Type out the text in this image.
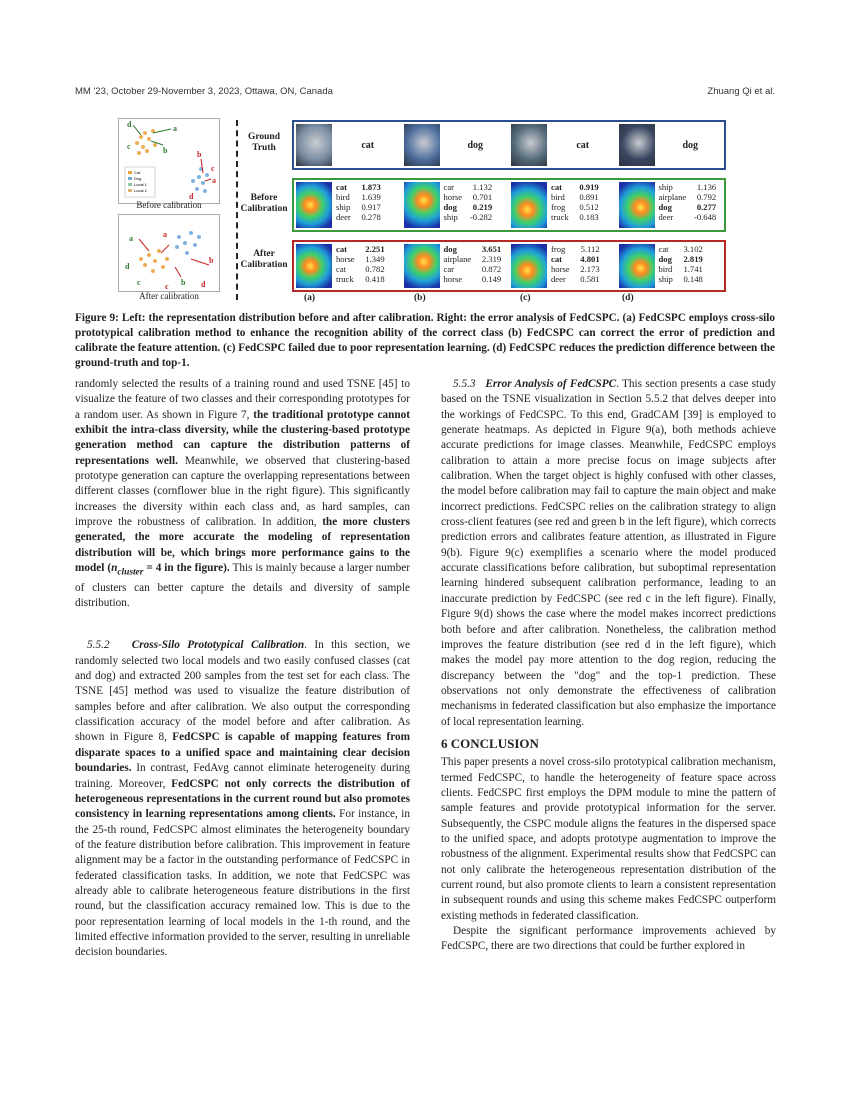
MM '23, October 29-November 3, 2023, Ottawa, ON, Canada	Zhuang Qi et al.
Cat
Dog
Local 1
Local 2
d	a
c	b	b
c
a
d
Before calibration
a
d
c
a
c
b
b d
After calibration
Ground Truth
Before Calibration
After Calibration
cat	dog	cat	dog
cat	1.873
bird	1.639
ship	0.917
deer	0.278
car	1.132
horse	0.701
dog	0.219
ship	-0.282
cat	0.919
bird	0.891
frog	0.512
truck	0.183
ship	1.136
airplane	0.792
dog	0.277
deer	-0.648
cat	2.251
horse	1.349
cat	0.782
truck	0.418
dog	3.651
airplane	2.319
car	0.872
horse	0.149
frog	5.112
cat	4.801
horse	2.173
deer	0.581
cat	3.102
dog	2.819
bird	1.741
ship	0.148
(a)	(b)	(c)	(d)
Figure 9: Left: the representation distribution before and after calibration. Right: the error analysis of FedCSPC. (a) FedCSPC employs cross-silo prototypical calibration method to enhance the recognition ability of the correct class (b) FedCSPC can correct the error of prediction and calibrate the feature attention. (c) FedCSPC failed due to poor representation learning. (d) FedCSPC reduces the prediction difference between the ground-truth and top-1.

randomly selected the results of a training round and used TSNE [45] to visualize the feature of two classes and their corresponding prototypes for a random user. As shown in Figure 7, the traditional prototype cannot exhibit the intra-class diversity, while the clustering-based prototype generation method can capture the distribution patterns of representations well. Meanwhile, we observed that clustering-based prototype generation can capture the overlapping representations between different classes (cornflower blue in the right figure). This significantly increases the diversity within each class and, as hard samples, can improve the robustness of calibration. In addition, the more clusters generated, the more accurate the modeling of representation distribution will be, which brings more performance gains to the model ($n_{cluster} = 4$ in the figure). This is mainly because a larger number of clusters can better capture the details and diversity of sample distribution.

5.5.2 Cross-Silo Prototypical Calibration. In this section, we randomly selected two local models and two easily confused classes (cat and dog) and extracted 200 samples from the test set for each class. The TSNE [45] method was used to visualize the feature distribution of samples before and after calibration. We also output the corresponding classification accuracy of the model before and after calibration. As shown in Figure 8, FedCSPC is capable of mapping features from disparate spaces to a unified space and maintaining clear decision boundaries. In contrast, FedAvg cannot eliminate heterogeneity during training. Moreover, FedCSPC not only corrects the distribution of heterogeneous representations in the current round but also promotes consistency in learning representations among clients. For instance, in the 25-th round, FedCSPC almost eliminates the heterogeneity boundary of the feature distribution before calibration. This improvement in feature alignment may be a factor in the outstanding performance of FedCSPC in federated classification tasks. In addition, we note that FedCSPC was already able to calibrate heterogeneous feature distributions in the first round, but the classification accuracy remained low. This is due to the poor representation learning of local models in the 1-th round, and the limited effective information provided to the server, resulting in unreliable decision boundaries.

5.5.3 Error Analysis of FedCSPC. This section presents a case study based on the TSNE visualization in Section 5.5.2 that delves deeper into the workings of FedCSPC. To this end, GradCAM [39] is employed to generate heatmaps. As depicted in Figure 9(a), both methods achieve accurate predictions for image classes. Meanwhile, FedCSPC employs calibration to attain a more precise focus on image subjects after calibration. When the target object is highly confused with other classes, the model before calibration may fail to capture the main object and make incorrect predictions. FedCSPC relies on the calibration strategy to align cross-client features (see red and green b in the left figure), which corrects prediction errors and calibrates feature attention, as illustrated in Figure 9(b). Figure 9(c) exemplifies a scenario where the model produced accurate classifications before calibration, but suboptimal representation learning hindered subsequent calibration performance, leading to an inaccurate prediction by FedCSPC (see red c in the left figure). Finally, Figure 9(d) shows the case where the model makes incorrect predictions both before and after calibration. Nonetheless, the calibration method improves the feature distribution (see red d in the left figure), which makes the model pay more attention to the dog region, reducing the discrepancy between the "dog" and the top-1 prediction. These observations not only demonstrate the effectiveness of calibration mechanisms in federated classification but also emphasize the importance of local representation learning.

6 CONCLUSION

This paper presents a novel cross-silo prototypical calibration mechanism, termed FedCSPC, to handle the heterogeneity of feature space across clients. FedCSPC first employs the DPM module to mine the pattern of sample features and provide prototypical information for the server. Subsequently, the CSPC module aligns the features in the dispersed space to the unified space, and adopts prototype augmentation to improve the robustness of the alignment. Experimental results show that FedCSPC can not only calibrate the heterogeneous representation distribution of the current round, but also promote clients to learn a consistent representation in subsequent rounds and using this scheme makes FedCSPC outperform existing methods in federated classification.

Despite the significant performance improvements achieved by FedCSPC, there are two directions that could be further explored in
